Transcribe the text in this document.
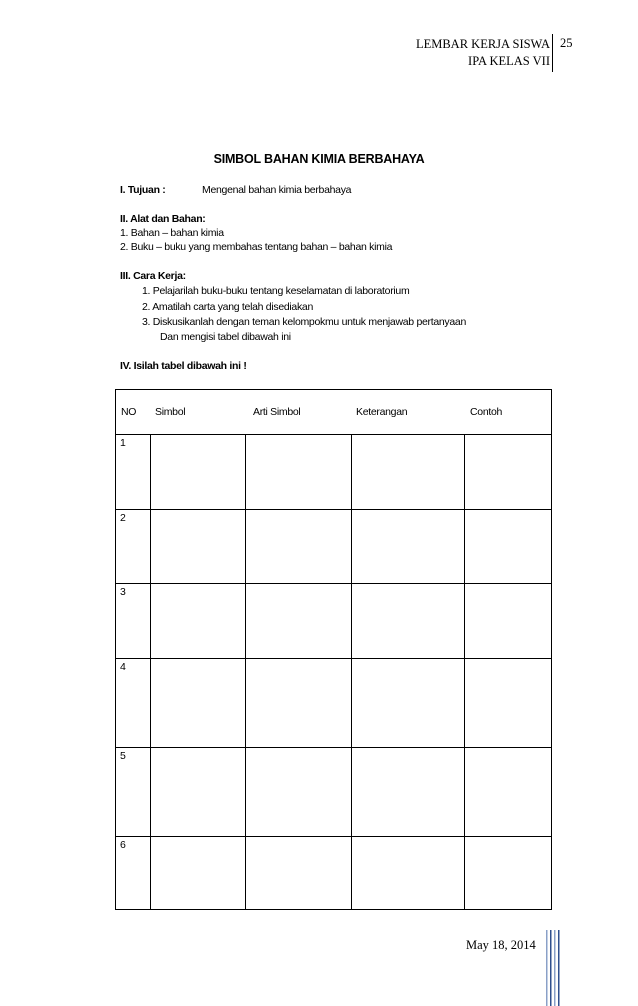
LEMBAR KERJA SISWA
IPA KELAS VII
25
SIMBOL BAHAN KIMIA BERBAHAYA
I. Tujuan :	Mengenal bahan kimia berbahaya
II. Alat dan Bahan:
1. Bahan – bahan kimia
2. Buku – buku yang membahas tentang bahan – bahan kimia
III. Cara Kerja:
1. Pelajarilah buku-buku tentang keselamatan di laboratorium
2. Amatilah carta yang telah disediakan
3. Diskusikanlah dengan teman kelompokmu untuk menjawab pertanyaan
Dan mengisi tabel dibawah ini
IV. Isilah tabel dibawah ini !
NO Simbol	Arti Simbol	Keterangan	Contoh
1
2
3
4
5
6
May 18, 2014
